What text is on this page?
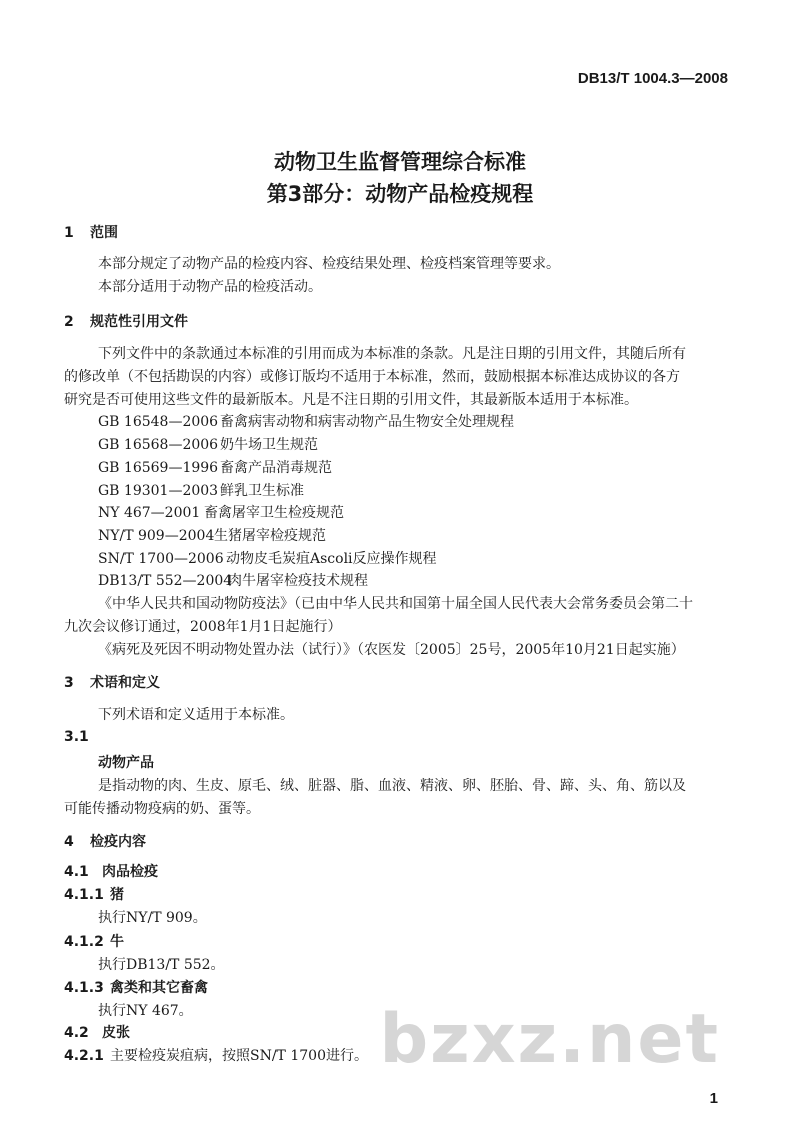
DB13/T 1004.3—2008
动物卫生监督管理综合标准
第3部分：动物产品检疫规程
1 范围
本部分规定了动物产品的检疫内容、检疫结果处理、检疫档案管理等要求。
本部分适用于动物产品的检疫活动。
2 规范性引用文件
下列文件中的条款通过本标准的引用而成为本标准的条款。凡是注日期的引用文件，其随后所有
的修改单（不包括勘误的内容）或修订版均不适用于本标准，然而，鼓励根据本标准达成协议的各方
研究是否可使用这些文件的最新版本。凡是不注日期的引用文件，其最新版本适用于本标准。
GB 16548—2006 畜禽病害动物和病害动物产品生物安全处理规程
GB 16568—2006 奶牛场卫生规范
GB 16569—1996 畜禽产品消毒规范
GB 19301—2003 鲜乳卫生标准
NY 467—2001 畜禽屠宰卫生检疫规范
NY/T 909—2004生猪屠宰检疫规范
SN/T 1700—2006 动物皮毛炭疽Ascoli反应操作规程
DB13/T 552—2004肉牛屠宰检疫技术规程
《中华人民共和国动物防疫法》（已由中华人民共和国第十届全国人民代表大会常务委员会第二十
九次会议修订通过，2008年1月1日起施行）
《病死及死因不明动物处置办法（试行）》（农医发〔2005〕25号，2005年10月21日起实施）
3 术语和定义
下列术语和定义适用于本标准。
3.1
动物产品
是指动物的肉、生皮、原毛、绒、脏器、脂、血液、精液、卵、胚胎、骨、蹄、头、角、筋以及
可能传播动物疫病的奶、蛋等。
4 检疫内容
4.1 肉品检疫
4.1.1 猪
执行NY/T 909。
4.1.2 牛
执行DB13/T 552。
4.1.3 禽类和其它畜禽
执行NY 467。
4.2 皮张
4.2.1 主要检疫炭疽病，按照SN/T 1700进行。 bzxz.net
1
